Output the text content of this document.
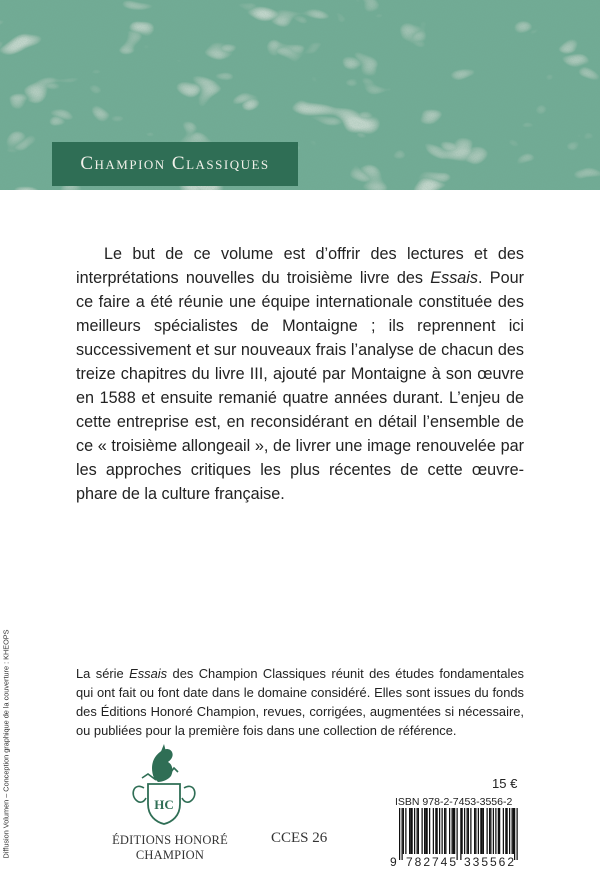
Champion Classiques

Le but de ce volume est d’offrir des lectures et des interprétations nouvelles du troisième livre des Essais. Pour ce faire a été réunie une équipe internationale constituée des meilleurs spécialistes de Montaigne ; ils reprennent ici successivement et sur nouveaux frais l’analyse de chacun des treize chapitres du livre III, ajouté par Montaigne à son œuvre en 1588 et ensuite remanié quatre années durant. L’enjeu de cette entreprise est, en reconsidérant en détail l’ensemble de ce « troisième allongeail », de livrer une image renouvelée par les approches critiques les plus récentes de cette œuvre-phare de la culture française.

Diffusion Volumen – Conception graphique de la couverture : KHEOPS	La série Essais des Champion Classiques réunit des études fondamentales qui ont fait ou font date dans le domaine considéré. Elles sont issues du fonds des Éditions Honoré Champion, revues, corrigées, augmentées si nécessaire, ou publiées pour la première fois dans une collection de référence.

HC
ÉDITIONS HONORÉ CHAMPION
CCES 26
15 €
ISBN 978-2-7453-3556-2
9 782745 335562
